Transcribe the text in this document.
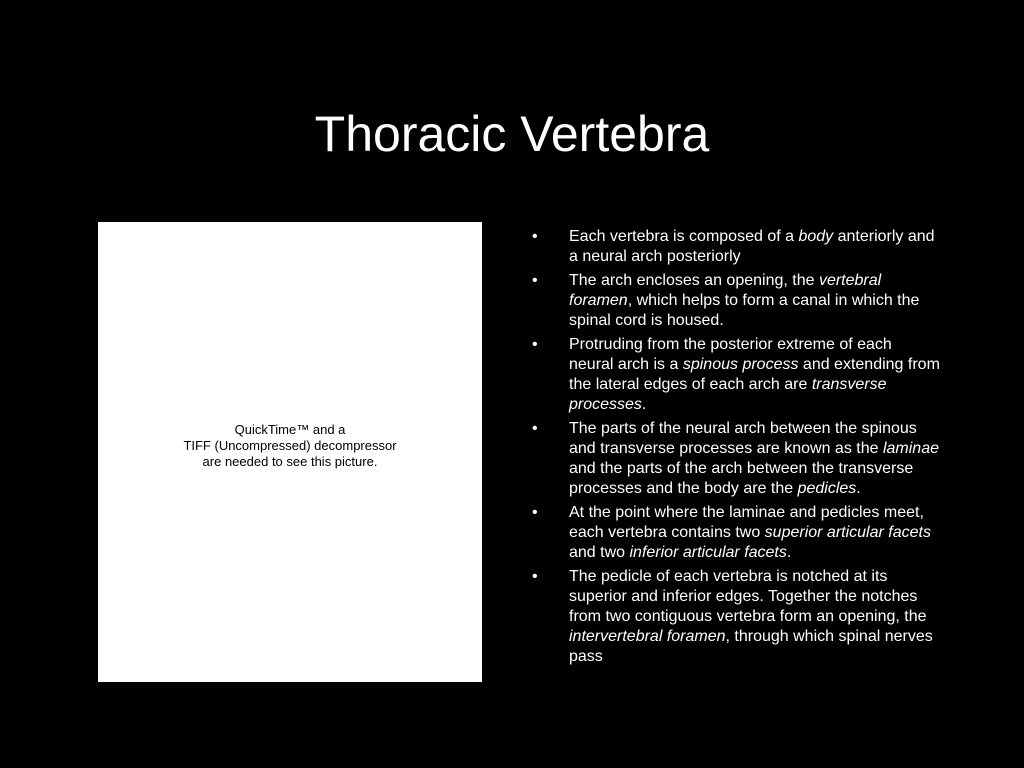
Thoracic Vertebra
QuickTime™ and a
TIFF (Uncompressed) decompressor
are needed to see this picture.
• Each vertebra is composed of a body anteriorly and a neural arch posteriorly
• The arch encloses an opening, the vertebral foramen, which helps to form a canal in which the spinal cord is housed.
• Protruding from the posterior extreme of each neural arch is a spinous process and extending from the lateral edges of each arch are transverse processes.
• The parts of the neural arch between the spinous and transverse processes are known as the laminae and the parts of the arch between the transverse processes and the body are the pedicles.
• At the point where the laminae and pedicles meet, each vertebra contains two superior articular facets and two inferior articular facets.
• The pedicle of each vertebra is notched at its superior and inferior edges. Together the notches from two contiguous vertebra form an opening, the intervertebral foramen, through which spinal nerves pass
